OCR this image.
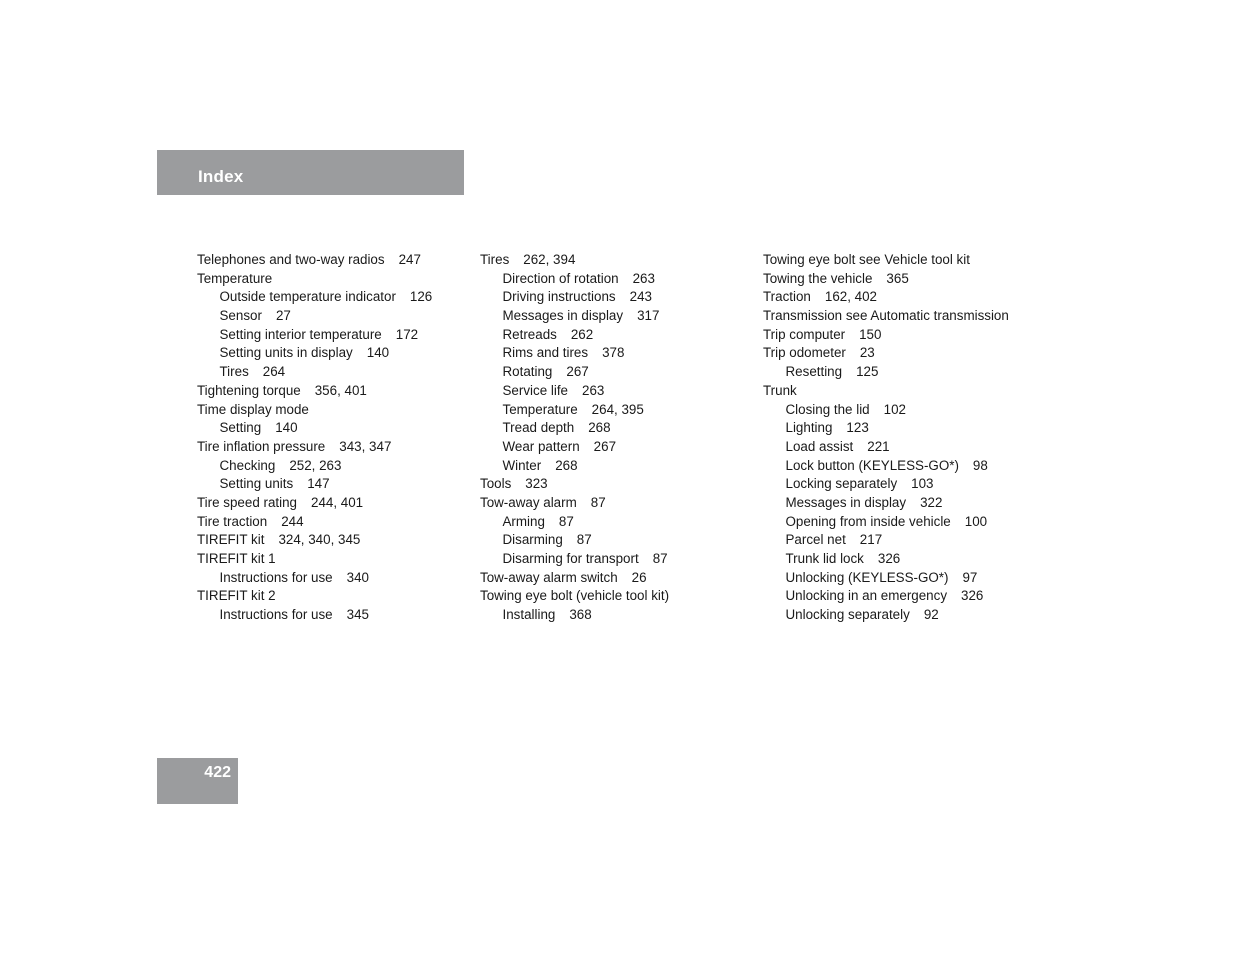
Index
Telephones and two-way radios 247
Temperature
Outside temperature indicator 126
Sensor 27
Setting interior temperature 172
Setting units in display 140
Tires 264
Tightening torque 356, 401
Time display mode
Setting 140
Tire inflation pressure 343, 347
Checking 252, 263
Setting units 147
Tire speed rating 244, 401
Tire traction 244
TIREFIT kit 324, 340, 345
TIREFIT kit 1
Instructions for use 340
TIREFIT kit 2
Instructions for use 345
Tires 262, 394
Direction of rotation 263
Driving instructions 243
Messages in display 317
Retreads 262
Rims and tires 378
Rotating 267
Service life 263
Temperature 264, 395
Tread depth 268
Wear pattern 267
Winter 268
Tools 323
Tow-away alarm 87
Arming 87
Disarming 87
Disarming for transport 87
Tow-away alarm switch 26
Towing eye bolt (vehicle tool kit)
Installing 368
Towing eye bolt see Vehicle tool kit
Towing the vehicle 365
Traction 162, 402
Transmission see Automatic transmission
Trip computer 150
Trip odometer 23
Resetting 125
Trunk
Closing the lid 102
Lighting 123
Load assist 221
Lock button (KEYLESS-GO*) 98
Locking separately 103
Messages in display 322
Opening from inside vehicle 100
Parcel net 217
Trunk lid lock 326
Unlocking (KEYLESS-GO*) 97
Unlocking in an emergency 326
Unlocking separately 92
422
